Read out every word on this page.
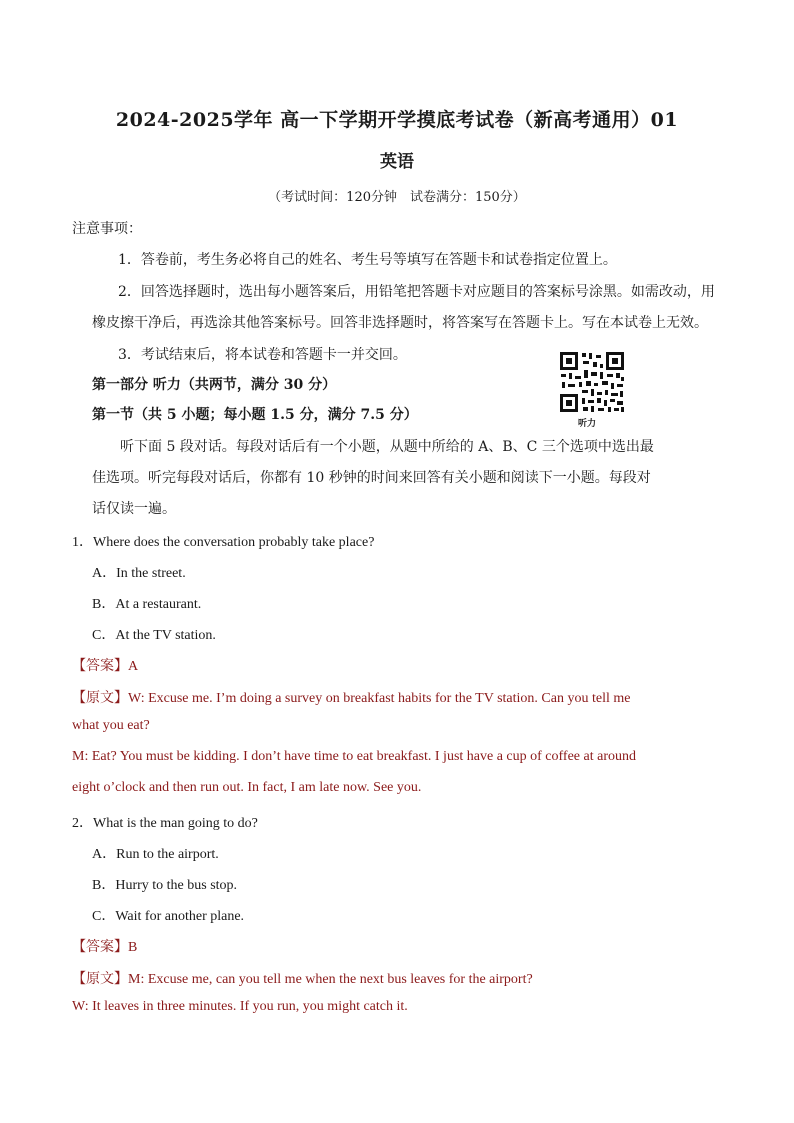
2024-2025学年 高一下学期开学摸底考试卷（新高考通用）01
英语
（考试时间：120分钟　试卷满分：150分）
注意事项：
1．答卷前，考生务必将自己的姓名、考生号等填写在答题卡和试卷指定位置上。
2．回答选择题时，选出每小题答案后，用铅笔把答题卡对应题目的答案标号涂黑。如需改动，用
橡皮擦干净后，再选涂其他答案标号。回答非选择题时，将答案写在答题卡上。写在本试卷上无效。
3．考试结束后，将本试卷和答题卡一并交回。
第一部分 听力（共两节，满分 30 分）
第一节（共 5 小题；每小题 1.5 分，满分 7.5 分）
听力
听下面 5 段对话。每段对话后有一个小题，从题中所给的 A、B、C 三个选项中选出最
佳选项。听完每段对话后，你都有 10 秒钟的时间来回答有关小题和阅读下一小题。每段对
话仅读一遍。
1．Where does the conversation probably take place?
A．In the street.
B．At a restaurant.
C．At the TV station.
【答案】A
【原文】W: Excuse me. I’m doing a survey on breakfast habits for the TV station. Can you tell me
what you eat?
M: Eat? You must be kidding. I don’t have time to eat breakfast. I just have a cup of coffee at around
eight o’clock and then run out. In fact, I am late now. See you.
2．What is the man going to do?
A．Run to the airport.
B．Hurry to the bus stop.
C．Wait for another plane.
【答案】B
【原文】M: Excuse me, can you tell me when the next bus leaves for the airport?
W: It leaves in three minutes. If you run, you might catch it.
